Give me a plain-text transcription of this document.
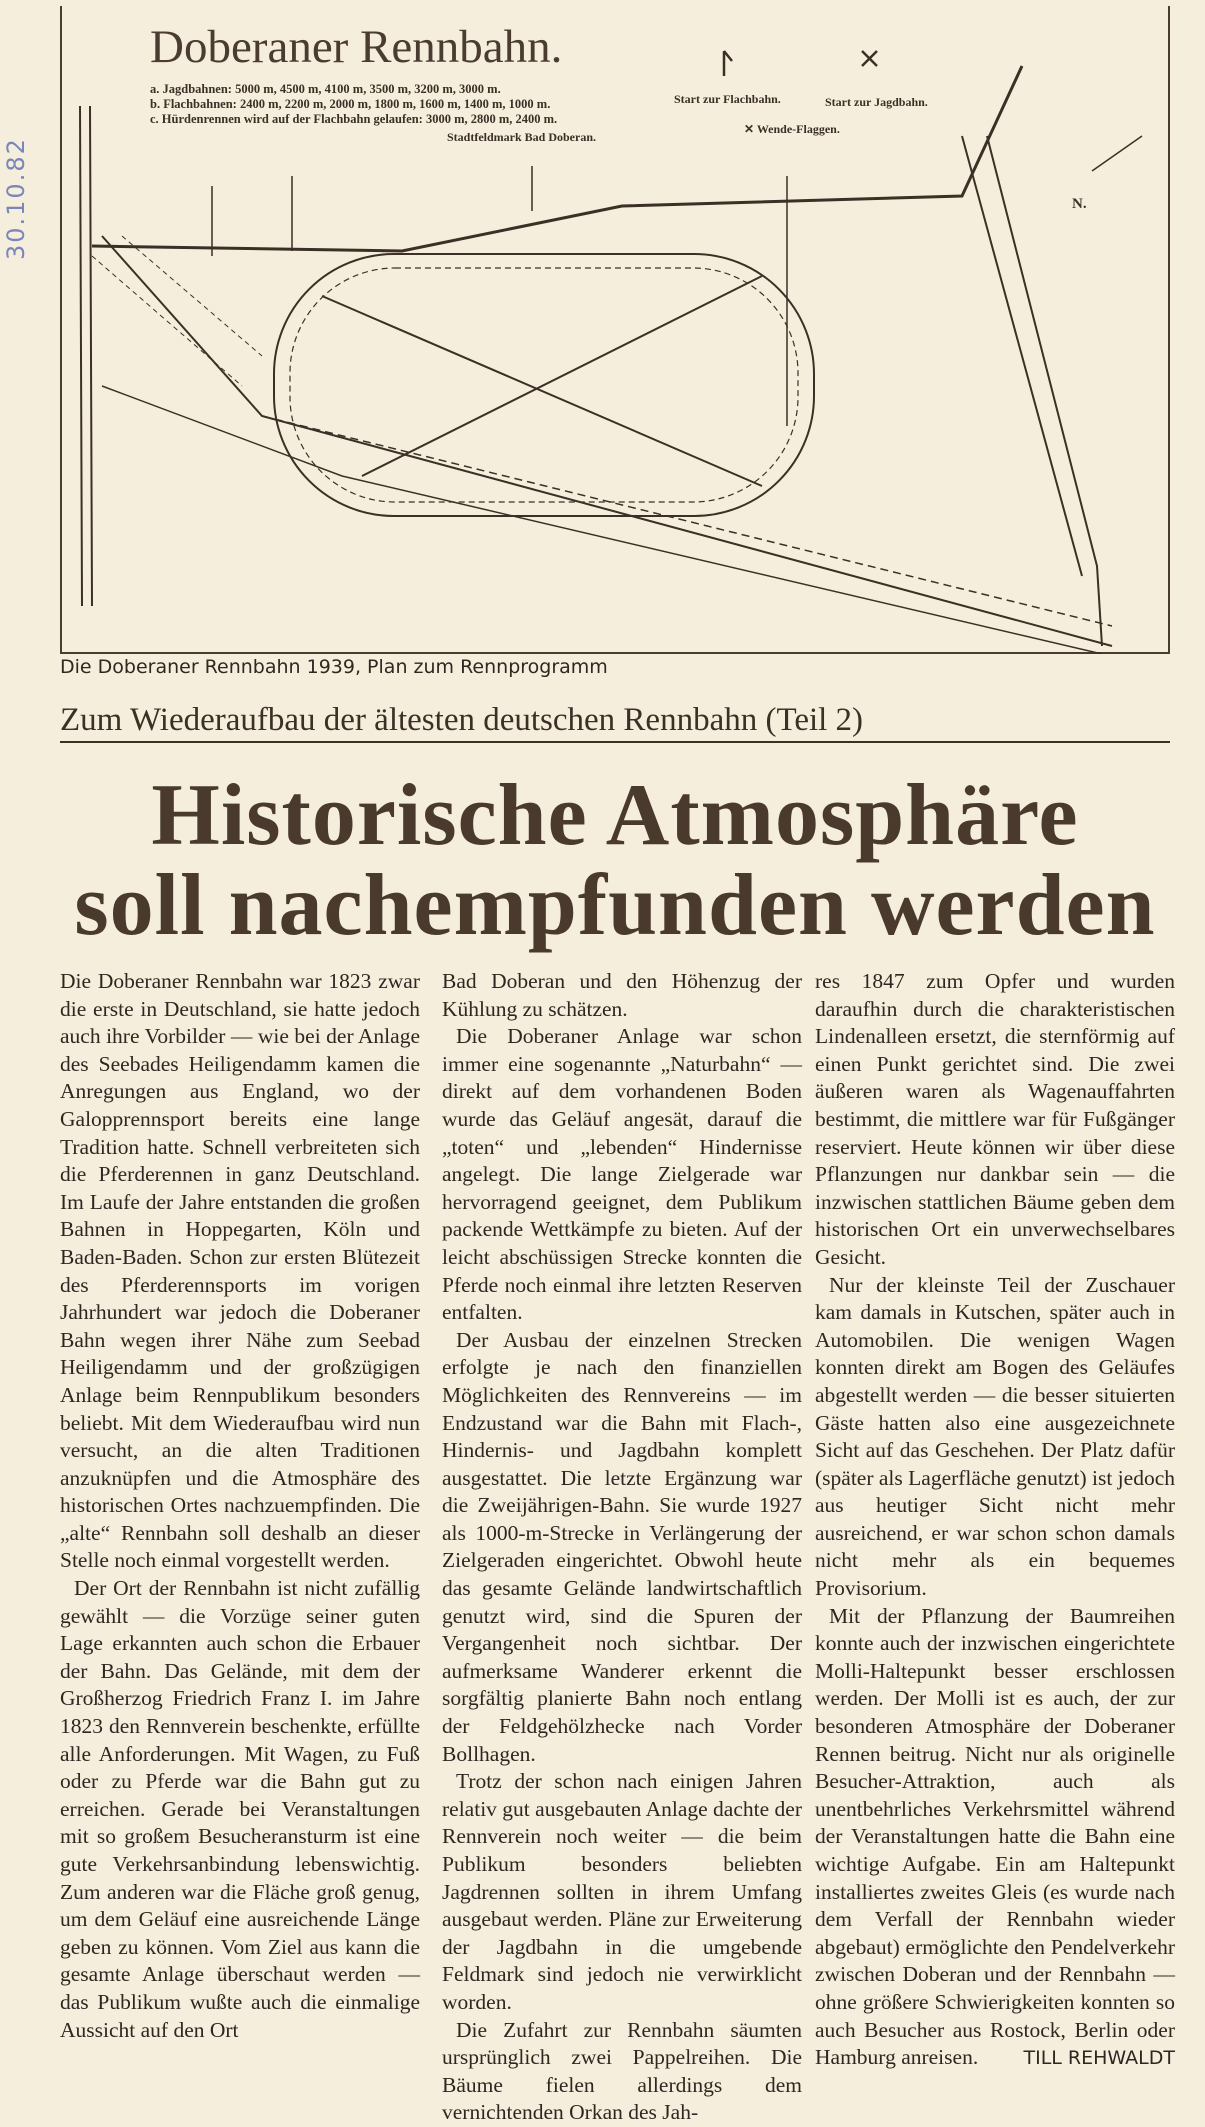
30.10.82
Doberaner Rennbahn.
a. Jagdbahnen: 5000 m, 4500 m, 4100 m, 3500 m, 3200 m, 3000 m.
b. Flachbahnen: 2400 m, 2200 m, 2000 m, 1800 m, 1600 m, 1400 m, 1000 m.
c. Hürdenrennen wird auf der Flachbahn gelaufen: 3000 m, 2800 m, 2400 m.
Start zur Flachbahn.	Start zur Jagdbahn.
✕ Wende-Flaggen.
Stadtfeldmark Bad Doberan.
N.
Die Doberaner Rennbahn 1939, Plan zum Rennprogramm
Zum Wiederaufbau der ältesten deutschen Rennbahn (Teil 2)
Historische Atmosphäre
soll nachempfunden werden

Die Doberaner Rennbahn war 1823 zwar die erste in Deutschland, sie hatte jedoch auch ihre Vorbilder — wie bei der Anlage des Seebades Heiligendamm kamen die Anregungen aus England, wo der Galopprennsport bereits eine lange Tradition hatte. Schnell verbreiteten sich die Pferderennen in ganz Deutschland. Im Laufe der Jahre entstanden die großen Bahnen in Hoppegarten, Köln und Baden-Baden. Schon zur ersten Blütezeit des Pferderennsports im vorigen Jahrhundert war jedoch die Doberaner Bahn wegen ihrer Nähe zum Seebad Heiligendamm und der großzügigen Anlage beim Rennpublikum besonders beliebt. Mit dem Wiederaufbau wird nun versucht, an die alten Traditionen anzuknüpfen und die Atmosphäre des historischen Ortes nachzuempfinden. Die „alte“ Rennbahn soll deshalb an dieser Stelle noch einmal vorgestellt werden.

Der Ort der Rennbahn ist nicht zufällig gewählt — die Vorzüge seiner guten Lage erkannten auch schon die Erbauer der Bahn. Das Gelände, mit dem der Großherzog Friedrich Franz I. im Jahre 1823 den Rennverein beschenkte, erfüllte alle Anforderungen. Mit Wagen, zu Fuß oder zu Pferde war die Bahn gut zu erreichen. Gerade bei Veranstaltungen mit so großem Besucheransturm ist eine gute Verkehrsanbindung lebenswichtig. Zum anderen war die Fläche groß genug, um dem Geläuf eine ausreichende Länge geben zu können. Vom Ziel aus kann die gesamte Anlage überschaut werden — das Publikum wußte auch die einmalige Aussicht auf den Ort

Bad Doberan und den Höhenzug der Kühlung zu schätzen.

Die Doberaner Anlage war schon immer eine sogenannte „Naturbahn“ — direkt auf dem vorhandenen Boden wurde das Geläuf angesät, darauf die „toten“ und „lebenden“ Hindernisse angelegt. Die lange Zielgerade war hervorragend geeignet, dem Publikum packende Wettkämpfe zu bieten. Auf der leicht abschüssigen Strecke konnten die Pferde noch einmal ihre letzten Reserven entfalten.

Der Ausbau der einzelnen Strecken erfolgte je nach den finanziellen Möglichkeiten des Rennvereins — im Endzustand war die Bahn mit Flach-, Hindernis- und Jagdbahn komplett ausgestattet. Die letzte Ergänzung war die Zweijährigen-Bahn. Sie wurde 1927 als 1000-m-Strecke in Verlängerung der Zielgeraden eingerichtet. Obwohl heute das gesamte Gelände landwirtschaftlich genutzt wird, sind die Spuren der Vergangenheit noch sichtbar. Der aufmerksame Wanderer erkennt die sorgfältig planierte Bahn noch entlang der Feldgehölzhecke nach Vorder Bollhagen.

Trotz der schon nach einigen Jahren relativ gut ausgebauten Anlage dachte der Rennverein noch weiter — die beim Publikum besonders beliebten Jagdrennen sollten in ihrem Umfang ausgebaut werden. Pläne zur Erweiterung der Jagdbahn in die umgebende Feldmark sind jedoch nie verwirklicht worden.

Die Zufahrt zur Rennbahn säumten ursprünglich zwei Pappelreihen. Die Bäume fielen allerdings dem vernichtenden Orkan des Jah-

res 1847 zum Opfer und wurden daraufhin durch die charakteristischen Lindenalleen ersetzt, die sternförmig auf einen Punkt gerichtet sind. Die zwei äußeren waren als Wagenauffahrten bestimmt, die mittlere war für Fußgänger reserviert. Heute können wir über diese Pflanzungen nur dankbar sein — die inzwischen stattlichen Bäume geben dem historischen Ort ein unverwechselbares Gesicht.

Nur der kleinste Teil der Zuschauer kam damals in Kutschen, später auch in Automobilen. Die wenigen Wagen konnten direkt am Bogen des Geläufes abgestellt werden — die besser situierten Gäste hatten also eine ausgezeichnete Sicht auf das Geschehen. Der Platz dafür (später als Lagerfläche genutzt) ist jedoch aus heutiger Sicht nicht mehr ausreichend, er war schon schon damals nicht mehr als ein bequemes Provisorium.

Mit der Pflanzung der Baumreihen konnte auch der inzwischen eingerichtete Molli-Haltepunkt besser erschlossen werden. Der Molli ist es auch, der zur besonderen Atmosphäre der Doberaner Rennen beitrug. Nicht nur als originelle Besucher-Attraktion, auch als unentbehrliches Verkehrsmittel während der Veranstaltungen hatte die Bahn eine wichtige Aufgabe. Ein am Haltepunkt installiertes zweites Gleis (es wurde nach dem Verfall der Rennbahn wieder abgebaut) ermöglichte den Pendelverkehr zwischen Doberan und der Rennbahn — ohne größere Schwierigkeiten konnten so auch Besucher aus Rostock, Berlin oder Hamburg anreisen.	TILL REHWALDT
